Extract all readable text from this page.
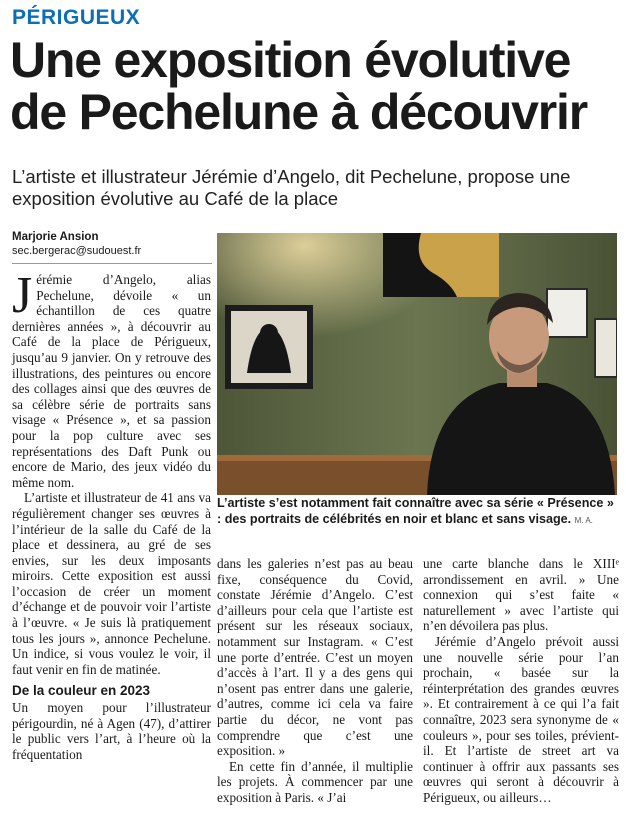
PÉRIGUEUX
Une exposition évolutive
de Pechelune à découvrir
L’artiste et illustrateur Jérémie d’Angelo, dit Pechelune, propose une exposition évolutive au Café de la place
Marjorie Ansion
sec.bergerac@sudouest.fr

Jérémie d’Angelo, alias Pechelune, dévoile « un échantillon de ces quatre dernières années », à découvrir au Café de la place de Périgueux, jusqu’au 9 janvier. On y retrouve des illustrations, des peintures ou encore des collages ainsi que des œuvres de sa célèbre série de portraits sans visage « Présence », et sa passion pour la pop culture avec ses représentations des Daft Punk ou encore de Mario, des jeux vidéo du même nom.

L’artiste et illustrateur de 41 ans va régulièrement changer ses œuvres à l’intérieur de la salle du Café de la place et dessinera, au gré de ses envies, sur les deux imposants miroirs. Cette exposition est aussi l’occasion de créer un moment d’échange et de pouvoir voir l’artiste à l’œuvre. « Je suis là pratiquement tous les jours », annonce Pechelune. Un indice, si vous voulez le voir, il faut venir en fin de matinée.

De la couleur en 2023

Un moyen pour l’illustrateur périgourdin, né à Agen (47), d’attirer le public vers l’art, à l’heure où la fréquentation

L’artiste s’est notamment fait connaître avec sa série « Présence » : des portraits de célébrités en noir et blanc et sans visage. M. A.

dans les galeries n’est pas au beau fixe, conséquence du Covid, constate Jérémie d’Angelo. C’est d’ailleurs pour cela que l’artiste est présent sur les réseaux sociaux, notamment sur Instagram. « C’est une porte d’entrée. C’est un moyen d’accès à l’art. Il y a des gens qui n’osent pas entrer dans une galerie, d’autres, comme ici cela va faire partie du décor, ne vont pas comprendre que c’est une exposition. »

En cette fin d’année, il multiplie les projets. À commencer par une exposition à Paris. « J’ai

une carte blanche dans le XIIIᵉ arrondissement en avril. » Une connexion qui s’est faite « naturellement » avec l’artiste qui n’en dévoilera pas plus.

Jérémie d’Angelo prévoit aussi une nouvelle série pour l’an prochain, « basée sur la réinterprétation des grandes œuvres ». Et contrairement à ce qui l’a fait connaître, 2023 sera synonyme de « couleurs », pour ses toiles, prévient-il. Et l’artiste de street art va continuer à offrir aux passants ses œuvres qui seront à découvrir à Périgueux, ou ailleurs…
